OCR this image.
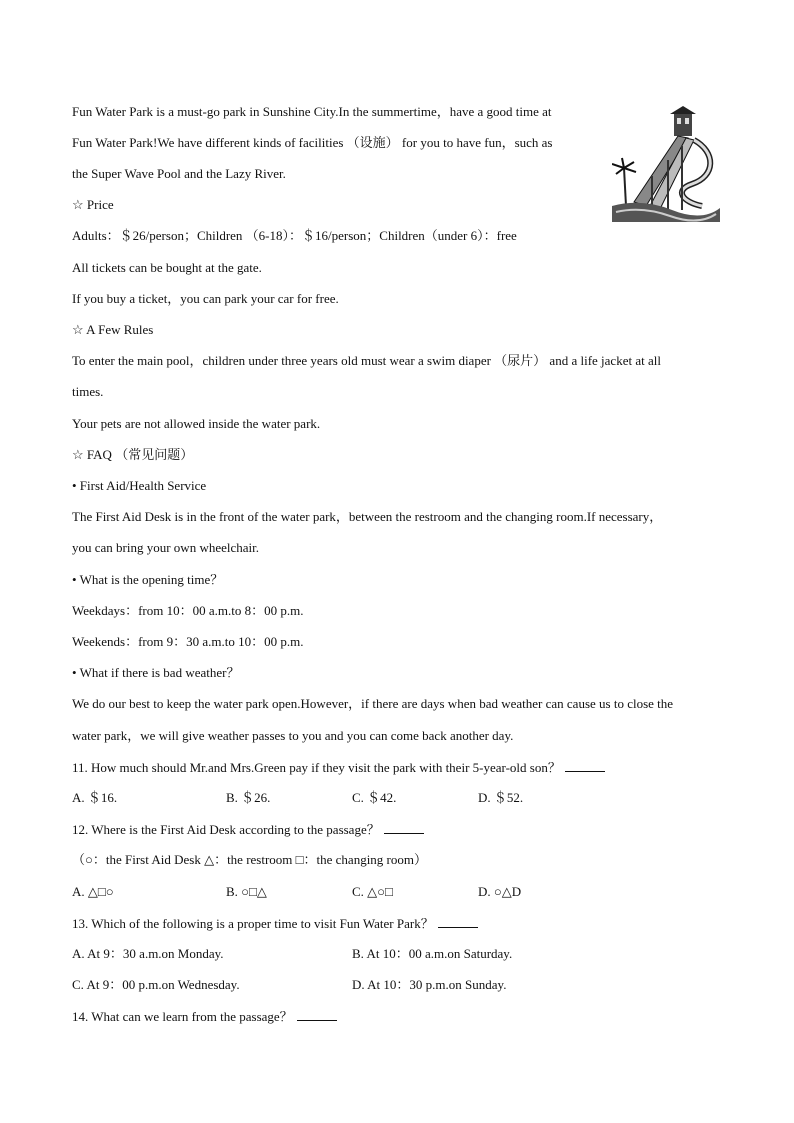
Fun Water Park is a must-go park in Sunshine City.In the summertime，have a good time at
Fun Water Park!We have different kinds of facilities （设施） for you to have fun，such as
the Super Wave Pool and the Lazy River.
☆ Price
Adults：＄26/person；Children （6-18）：＄16/person；Children（under 6）：free
All tickets can be bought at the gate.
If you buy a ticket，you can park your car for free.
☆ A Few Rules
To enter the main pool，children under three years old must wear a swim diaper （尿片） and a life jacket at all
times.
Your pets are not allowed inside the water park.
☆ FAQ （常见问题）
• First Aid/Health Service
The First Aid Desk is in the front of the water park，between the restroom and the changing room.If necessary，
you can bring your own wheelchair.
• What is the opening time？
Weekdays：from 10：00 a.m.to 8：00 p.m.
Weekends：from 9：30 a.m.to 10：00 p.m.
• What if there is bad weather？
We do our best to keep the water park open.However，if there are days when bad weather can cause us to close the
water park，we will give weather passes to you and you can come back another day.
11. How much should Mr.and Mrs.Green pay if they visit the park with their 5-year-old son？
A. ＄16.	B. ＄26.	C. ＄42.	D. ＄52.
12. Where is the First Aid Desk according to the passage？
（○：the First Aid Desk △：the restroom □：the changing room）
A. △□○	B. ○□△	C. △○□	D. ○△D
13. Which of the following is a proper time to visit Fun Water Park？
A. At 9：30 a.m.on Monday.	B. At 10：00 a.m.on Saturday.
C. At 9：00 p.m.on Wednesday.	D. At 10：30 p.m.on Sunday.
14. What can we learn from the passage？
